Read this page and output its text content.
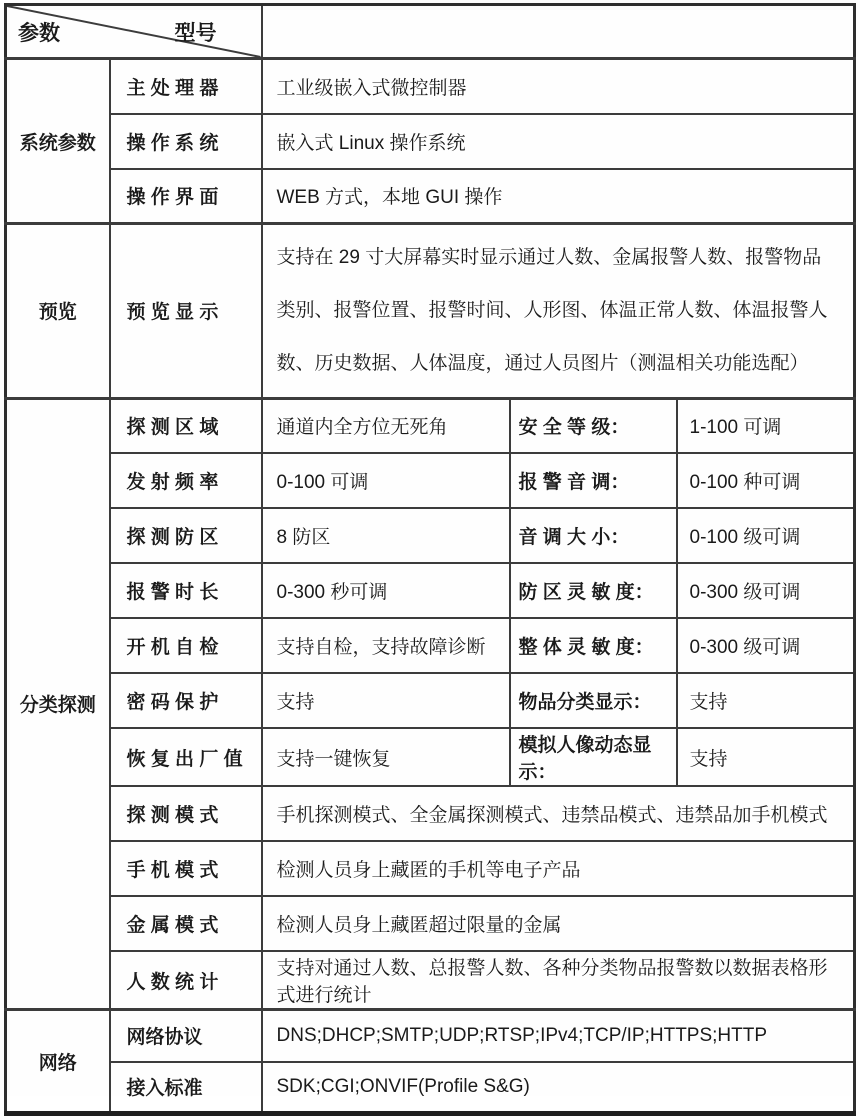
参数 型号				

系统参数	主 处 理 器	工业级嵌入式微控制器		
	操 作 系 统	嵌入式 Linux 操作系统		
	操 作 界 面	WEB 方式，本地 GUI 操作		
预览	预 览 显 示	支持在 29 寸大屏幕实时显示通过人数、金属报警人数、报警物品类别、报警位置、报警时间、人形图、体温正常人数、体温报警人数、历史数据、人体温度，通过人员图片（测温相关功能选配）		
分类探测	探 测 区 域	通道内全方位无死角	安 全 等 级：	1-100 可调
	发 射 频 率	0-100 可调	报 警 音 调：	0-100 种可调
	探 测 防 区	8 防区	音 调 大 小：	0-100 级可调
	报 警 时 长	0-300 秒可调	防 区 灵 敏 度：	0-300 级可调
	开 机 自 检	支持自检，支持故障诊断	整 体 灵 敏 度：	0-300 级可调
	密 码 保 护	支持	物品分类显示：	支持
	恢 复 出 厂 值	支持一键恢复	模拟人像动态显示：	支持
	探 测 模 式	手机探测模式、全金属探测模式、违禁品模式、违禁品加手机模式		
	手 机 模 式	检测人员身上藏匿的手机等电子产品		
	金 属 模 式	检测人员身上藏匿超过限量的金属		
	人 数 统 计	支持对通过人数、总报警人数、各种分类物品报警数以数据表格形式进行统计		
网络	网络协议	DNS;DHCP;SMTP;UDP;RTSP;IPv4;TCP/IP;HTTPS;HTTP		
	接入标准	SDK;CGI;ONVIF(Profile S&G)		
